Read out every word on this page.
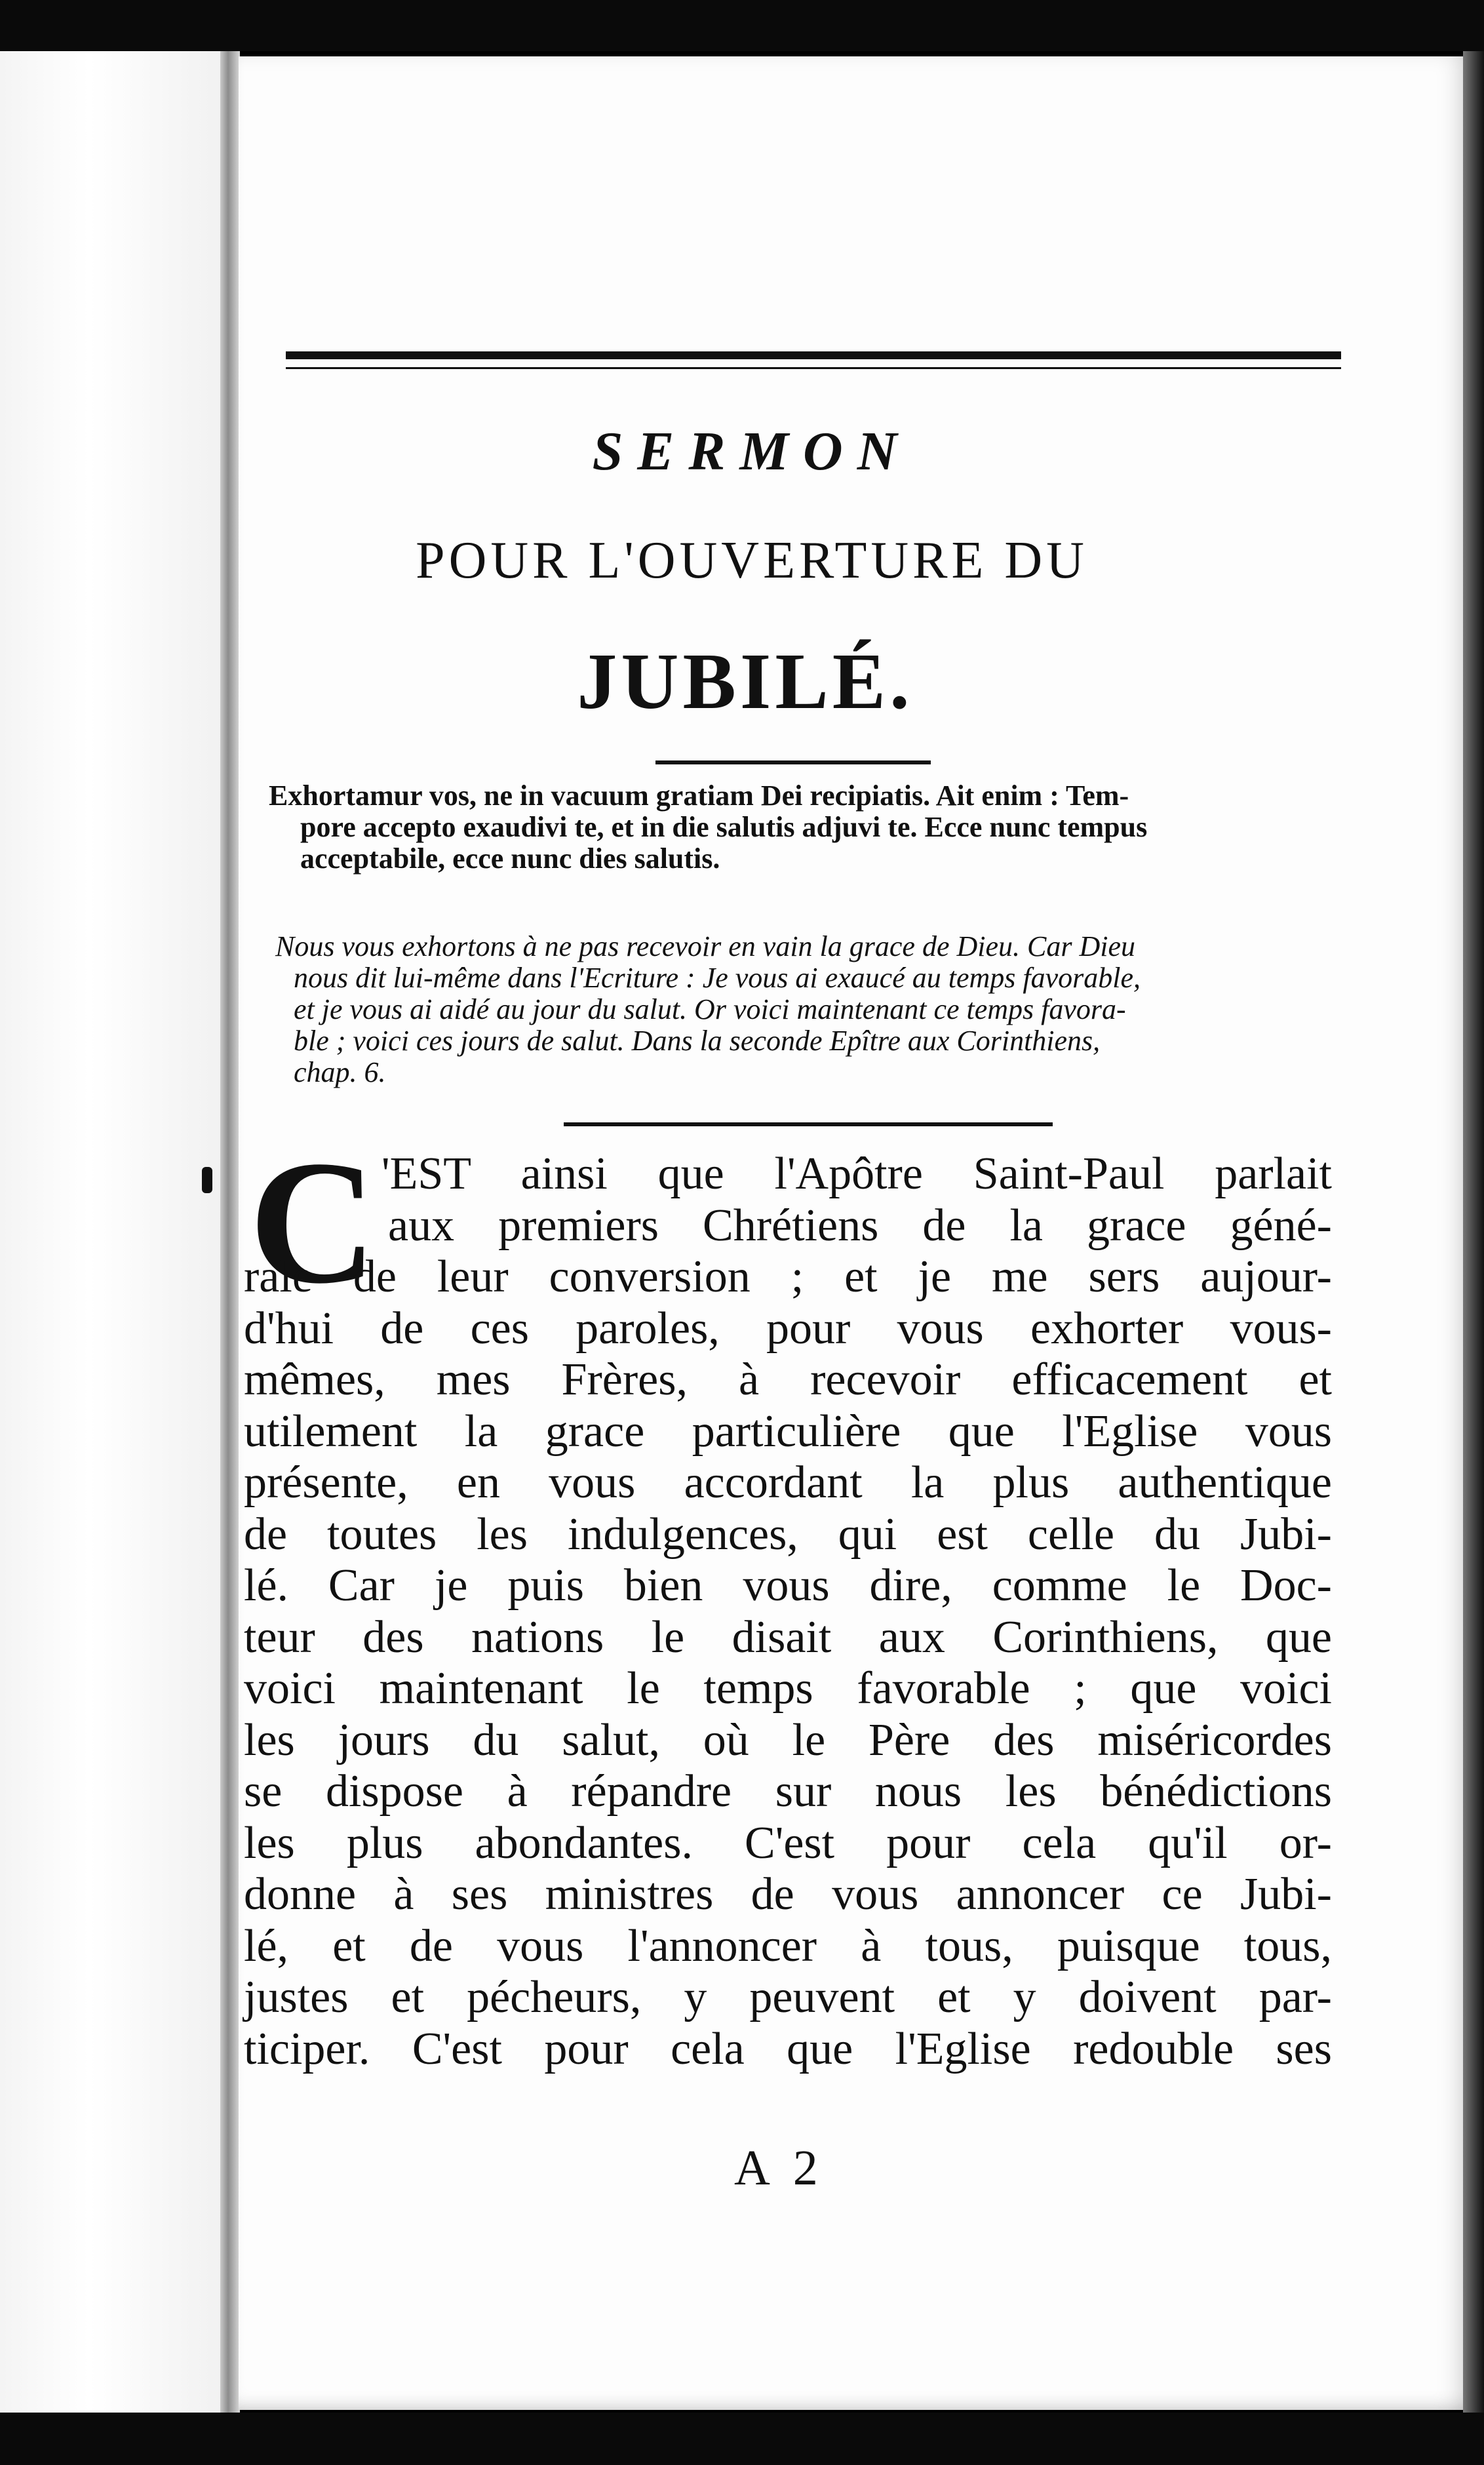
SERMON
POUR L'OUVERTURE DU
JUBILÉ.

Exhortamur vos, ne in vacuum gratiam Dei recipiatis. Ait enim : Tem-
pore accepto exaudivi te, et in die salutis adjuvi te. Ecce nunc tempus
acceptabile, ecce nunc dies salutis.

Nous vous exhortons à ne pas recevoir en vain la grace de Dieu. Car Dieu
nous dit lui-même dans l'Ecriture : Je vous ai exaucé au temps favorable,
et je vous ai aidé au jour du salut. Or voici maintenant ce temps favora-
ble ; voici ces jours de salut. Dans la seconde Epître aux Corinthiens,
chap. 6.

C 'EST ainsi que l'Apôtre Saint-Paul parlait
aux premiers Chrétiens de la grace géné-
rale de leur conversion ; et je me sers aujour-
d'hui de ces paroles, pour vous exhorter vous-
mêmes, mes Frères, à recevoir efficacement et
utilement la grace particulière que l'Eglise vous
présente, en vous accordant la plus authentique
de toutes les indulgences, qui est celle du Jubi-
lé. Car je puis bien vous dire, comme le Doc-
teur des nations le disait aux Corinthiens, que
voici maintenant le temps favorable ; que voici
les jours du salut, où le Père des miséricordes
se dispose à répandre sur nous les bénédictions
les plus abondantes. C'est pour cela qu'il or-
donne à ses ministres de vous annoncer ce Jubi-
lé, et de vous l'annoncer à tous, puisque tous,
justes et pécheurs, y peuvent et y doivent par-
ticiper. C'est pour cela que l'Eglise redouble ses
A 2
